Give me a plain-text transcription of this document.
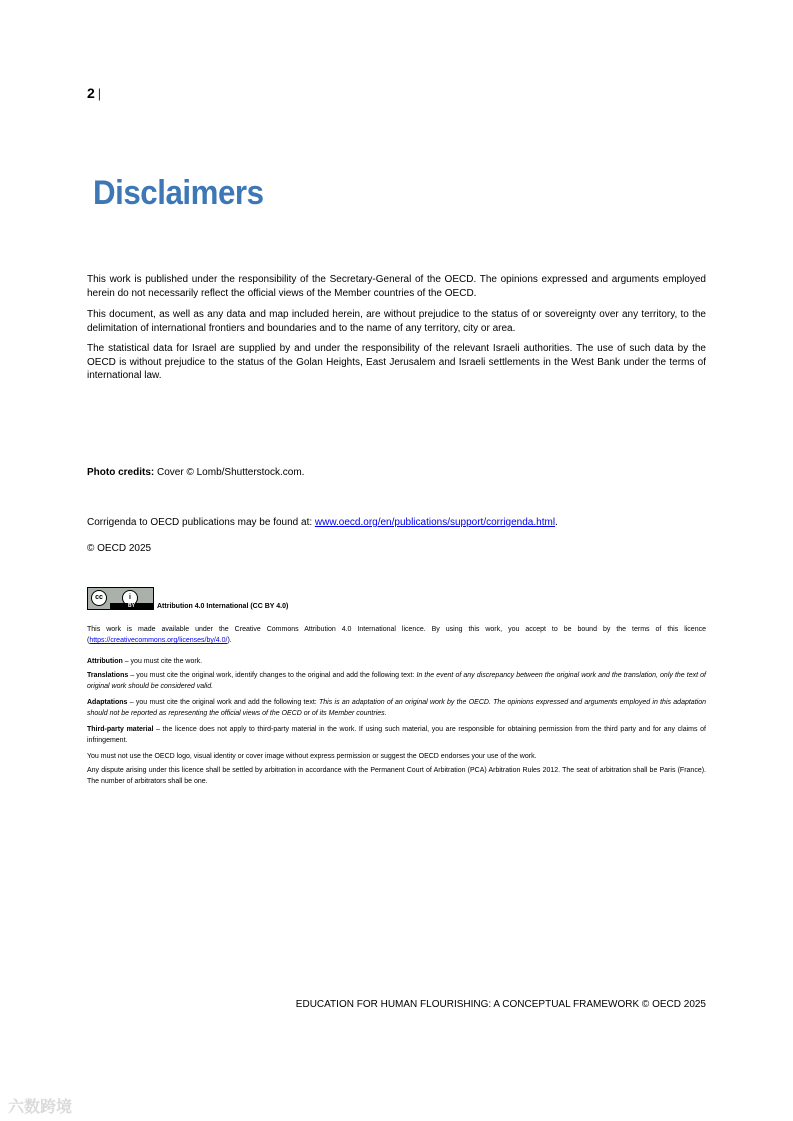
2 |
Disclaimers
This work is published under the responsibility of the Secretary-General of the OECD. The opinions expressed and arguments employed herein do not necessarily reflect the official views of the Member countries of the OECD.
This document, as well as any data and map included herein, are without prejudice to the status of or sovereignty over any territory, to the delimitation of international frontiers and boundaries and to the name of any territory, city or area.
The statistical data for Israel are supplied by and under the responsibility of the relevant Israeli authorities. The use of such data by the OECD is without prejudice to the status of the Golan Heights, East Jerusalem and Israeli settlements in the West Bank under the terms of international law.
Photo credits: Cover © Lomb/Shutterstock.com.
Corrigenda to OECD publications may be found at: www.oecd.org/en/publications/support/corrigenda.html.
© OECD 2025
cc	i
BY	Attribution 4.0 International (CC BY 4.0)
This work is made available under the Creative Commons Attribution 4.0 International licence. By using this work, you accept to be bound by the terms of this licence (https://creativecommons.org/licenses/by/4.0/).
Attribution – you must cite the work.
Translations – you must cite the original work, identify changes to the original and add the following text: In the event of any discrepancy between the original work and the translation, only the text of original work should be considered valid.
Adaptations – you must cite the original work and add the following text: This is an adaptation of an original work by the OECD. The opinions expressed and arguments employed in this adaptation should not be reported as representing the official views of the OECD or of its Member countries.
Third-party material – the licence does not apply to third-party material in the work. If using such material, you are responsible for obtaining permission from the third party and for any claims of infringement.
You must not use the OECD logo, visual identity or cover image without express permission or suggest the OECD endorses your use of the work.
Any dispute arising under this licence shall be settled by arbitration in accordance with the Permanent Court of Arbitration (PCA) Arbitration Rules 2012. The seat of arbitration shall be Paris (France). The number of arbitrators shall be one.
EDUCATION FOR HUMAN FLOURISHING: A CONCEPTUAL FRAMEWORK © OECD 2025
六数跨境
